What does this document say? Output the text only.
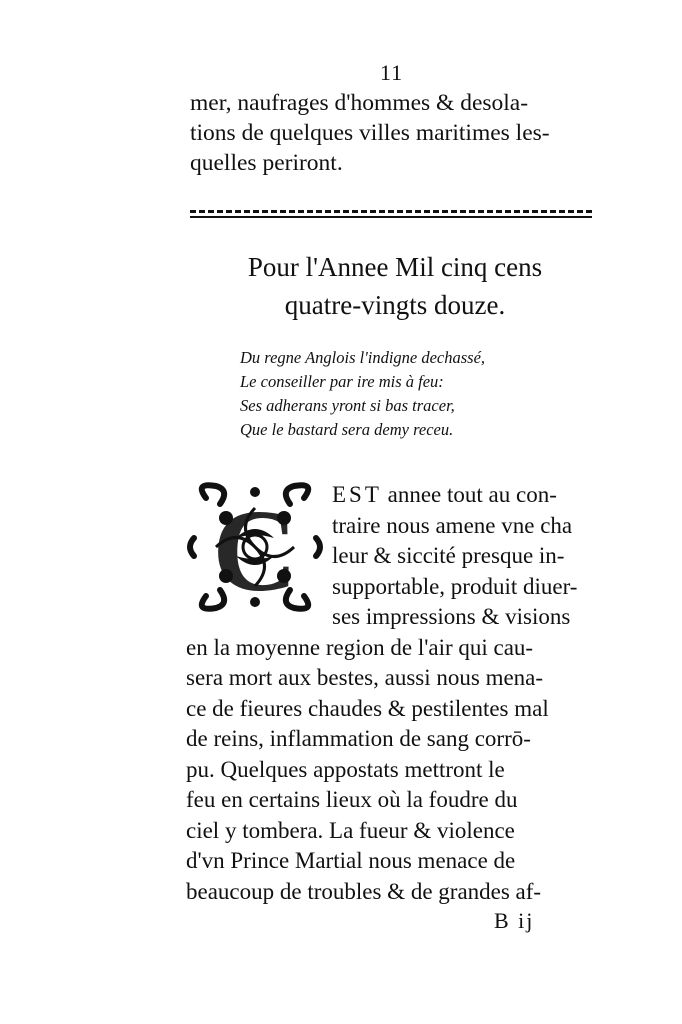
11
mer, naufrages d'hommes & desola-
tions de quelques villes maritimes les-
quelles periront.
Pour l'Annee Mil cinq cens
quatre-vingts douze.
Du regne Anglois l'indigne dechassé,
Le conseiller par ire mis à feu:
Ses adherans yront si bas tracer,
Que le bastard sera demy receu.
C	EST annee tout au con-
traire nous amene vne cha
leur & siccité presque in-
supportable, produit diuer-
ses impressions & visions
en la moyenne region de l'air qui cau-
sera mort aux bestes, aussi nous mena-
ce de fieures chaudes & pestilentes mal
de reins, inflammation de sang corrō-
pu. Quelques appostats mettront le
feu en certains lieux où la foudre du
ciel y tombera. La fueur & violence
d'vn Prince Martial nous menace de
beaucoup de troubles & de grandes af-
B ij
